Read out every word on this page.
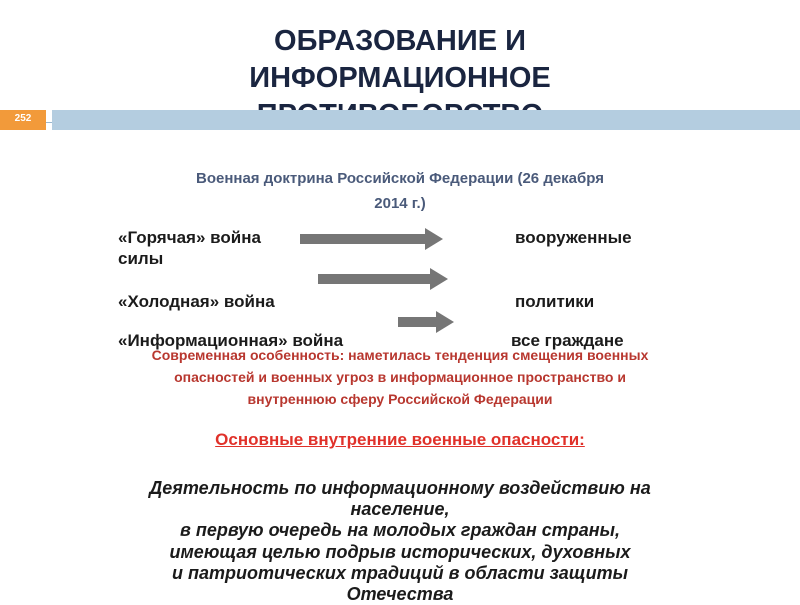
ОБРАЗОВАНИЕ И
ИНФОРМАЦИОННОЕ
252
Военная доктрина Российской Федерации (26 декабря
2014 г.)
«Горячая» война	вооруженные
силы
«Холодная» война	политики
«Информационная» война	все граждане
Современная особенность: наметилась тенденция смещения военных
опасностей и военных угроз в информационное пространство и
внутреннюю сферу Российской Федерации
Основные внутренние военные опасности:
Деятельность по информационному воздействию на
население,
в первую очередь на молодых граждан страны,
имеющая целью подрыв исторических, духовных
и патриотических традиций в области защиты
Отечества
